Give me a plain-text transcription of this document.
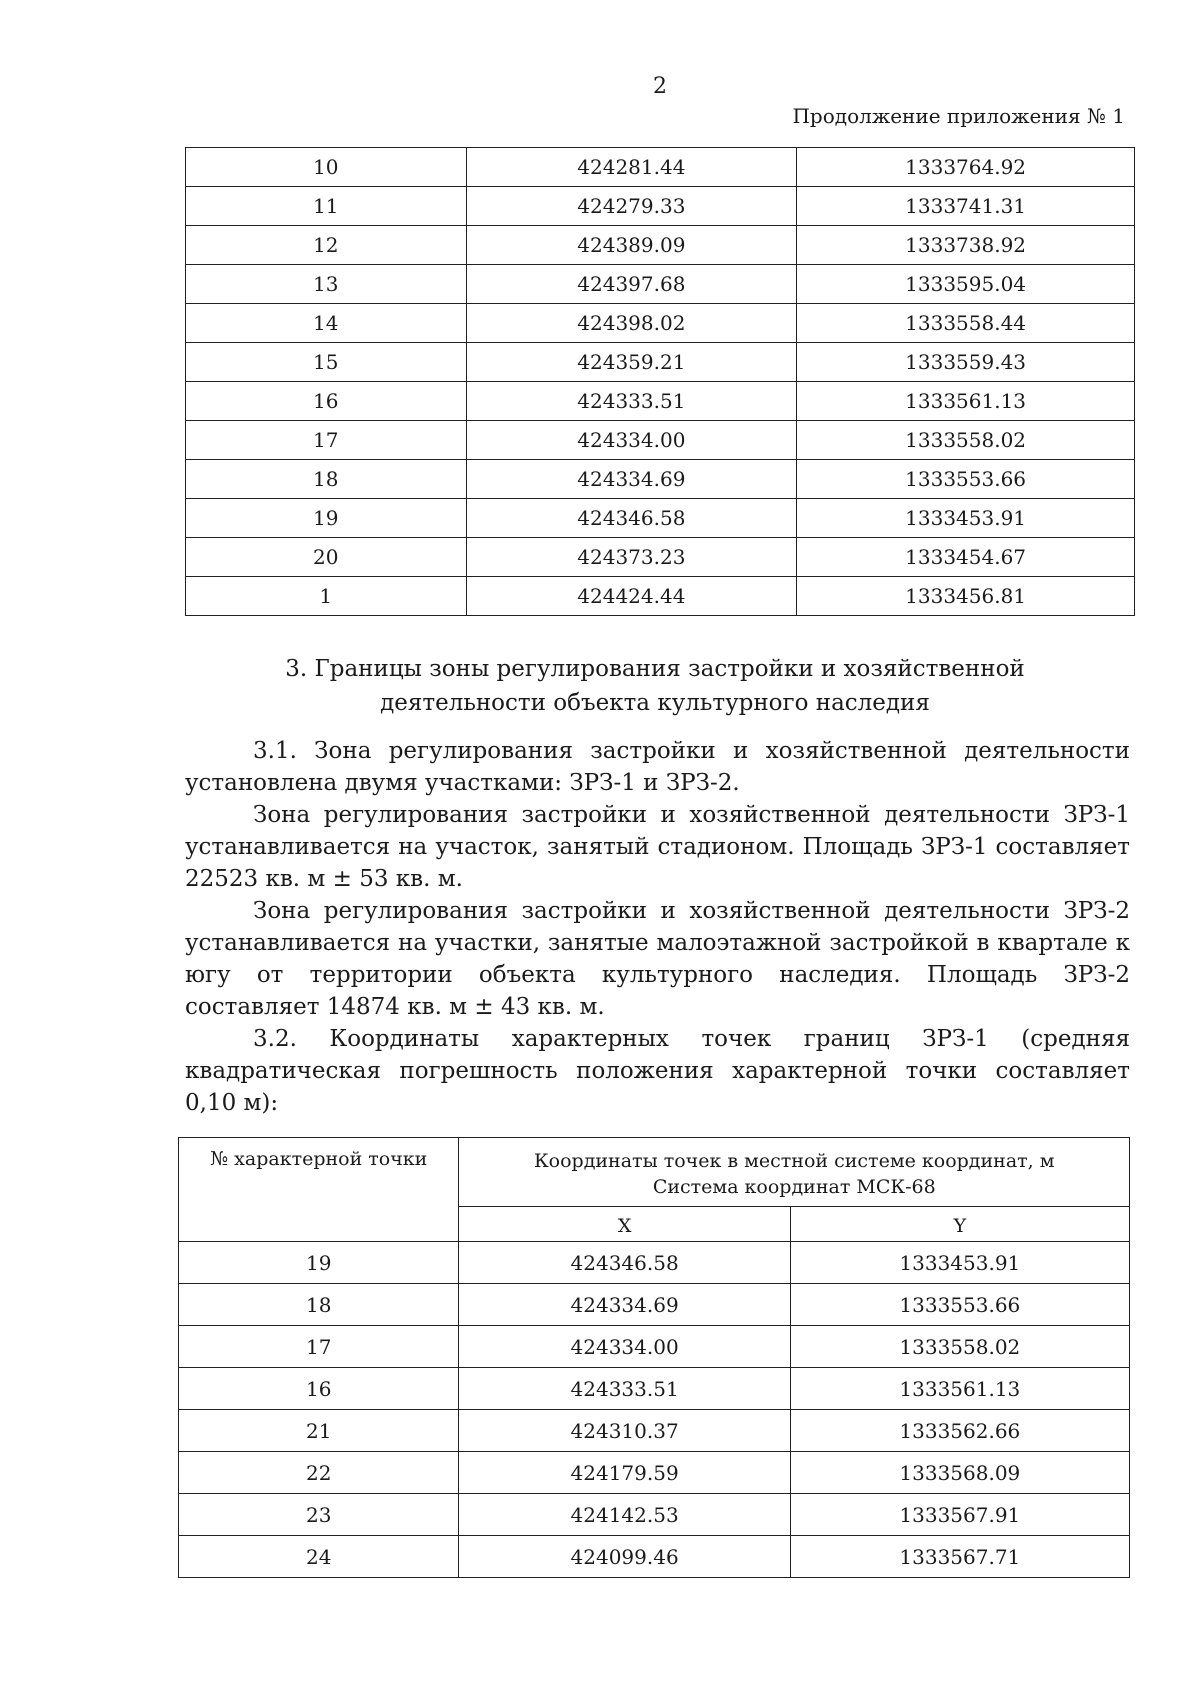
2
Продолжение приложения № 1
10	424281.44	1333764.92
11	424279.33	1333741.31
12	424389.09	1333738.92
13	424397.68	1333595.04
14	424398.02	1333558.44
15	424359.21	1333559.43
16	424333.51	1333561.13
17	424334.00	1333558.02
18	424334.69	1333553.66
19	424346.58	1333453.91
20	424373.23	1333454.67
1	424424.44	1333456.81
3. Границы зоны регулирования застройки и хозяйственной
деятельности объекта культурного наследия

3.1. Зона регулирования застройки и хозяйственной деятельности установлена двумя участками: ЗРЗ-1 и ЗРЗ-2.

Зона регулирования застройки и хозяйственной деятельности ЗРЗ-1 устанавливается на участок, занятый стадионом. Площадь ЗРЗ-1 составляет 22523 кв. м ± 53 кв. м.

Зона регулирования застройки и хозяйственной деятельности ЗРЗ-2 устанавливается на участки, занятые малоэтажной застройкой в квартале к югу от территории объекта культурного наследия. Площадь ЗРЗ-2 составляет 14874 кв. м ± 43 кв. м.

3.2. Координаты характерных точек границ ЗРЗ-1 (средняя квадратическая погрешность положения характерной точки составляет 0,10 м):

№ характерной точки	Координаты точек в местной системе координат, м
Система координат МСК-68	

	X	Y
19	424346.58	1333453.91
18	424334.69	1333553.66
17	424334.00	1333558.02
16	424333.51	1333561.13
21	424310.37	1333562.66
22	424179.59	1333568.09
23	424142.53	1333567.91
24	424099.46	1333567.71
